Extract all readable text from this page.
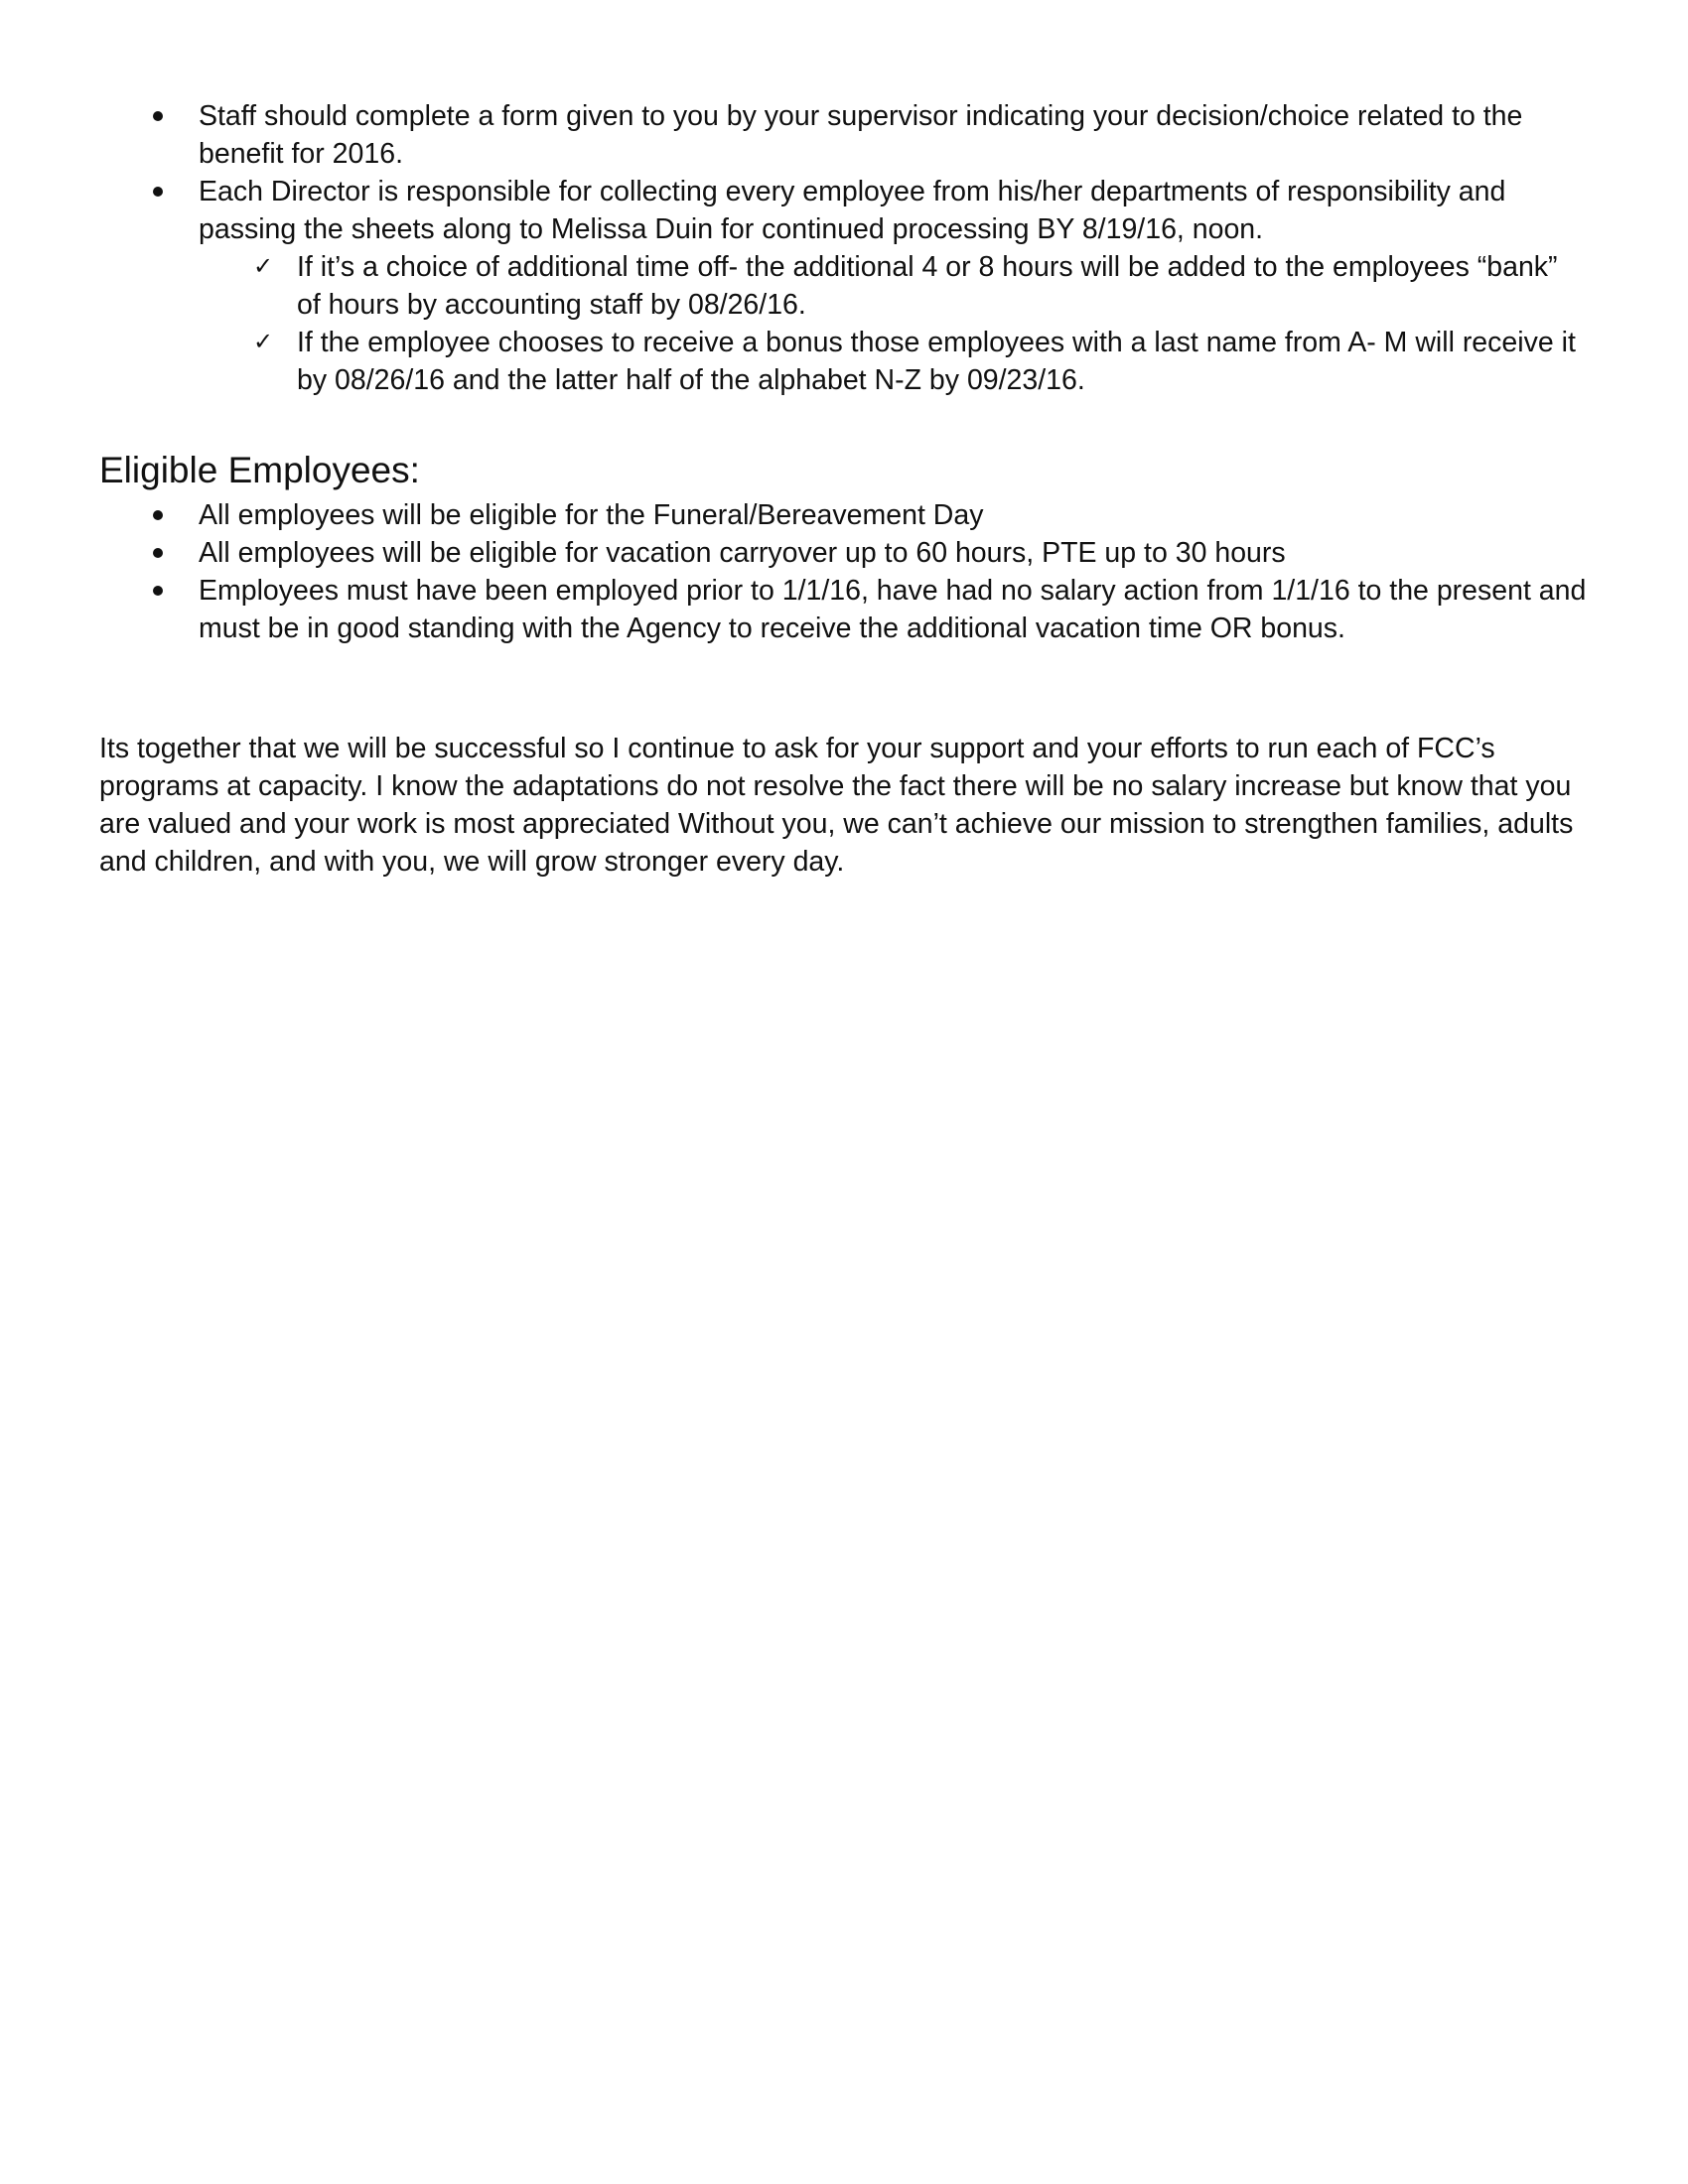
Staff should complete a form given to you by your supervisor indicating your decision/choice related to the benefit for 2016.
Each Director is responsible for collecting every employee from his/her departments of responsibility and passing the sheets along to Melissa Duin for continued processing BY 8/19/16, noon.
✓ If it’s a choice of additional time off- the additional 4 or 8 hours will be added to the employees “bank” of hours by accounting staff by 08/26/16.
✓ If the employee chooses to receive a bonus those employees with a last name from A- M will receive it by 08/26/16 and the latter half of the alphabet N-Z by 09/23/16.
Eligible Employees:
All employees will be eligible for the Funeral/Bereavement Day
All employees will be eligible for vacation carryover up to 60 hours, PTE up to 30 hours
Employees must have been employed prior to 1/1/16, have had no salary action from 1/1/16 to the present and must be in good standing with the Agency to receive the additional vacation time OR bonus.

Its together that we will be successful so I continue to ask for your support and your efforts to run each of FCC’s programs at capacity. I know the adaptations do not resolve the fact there will be no salary increase but know that you are valued and your work is most appreciated Without you, we can’t achieve our mission to strengthen families, adults and children, and with you, we will grow stronger every day.
